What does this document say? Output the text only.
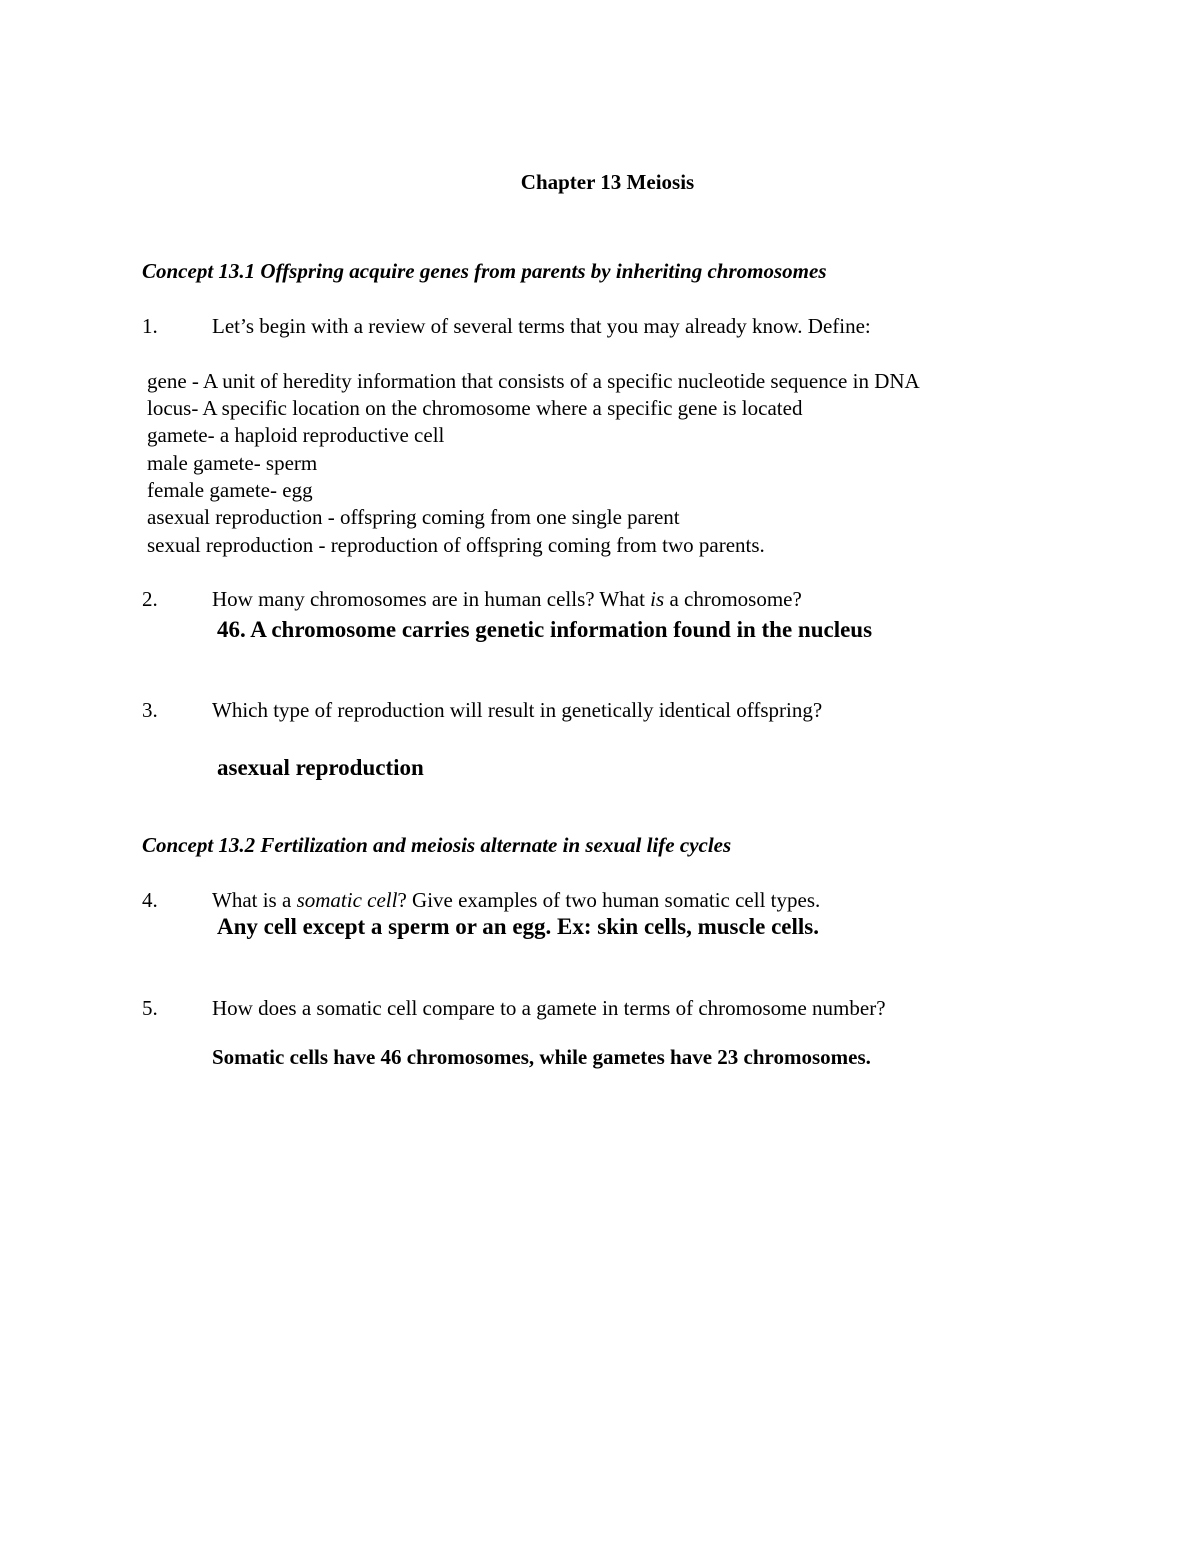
Chapter 13 Meiosis
Concept 13.1 Offspring acquire genes from parents by inheriting chromosomes
1.	Let’s begin with a review of several terms that you may already know. Define:
gene - A unit of heredity information that consists of a specific nucleotide sequence in DNA
locus- A specific location on the chromosome where a specific gene is located
gamete- a haploid reproductive cell
male gamete- sperm
female gamete- egg
asexual reproduction - offspring coming from one single parent
sexual reproduction - reproduction of offspring coming from two parents.
2.	How many chromosomes are in human cells? What is a chromosome?
46. A chromosome carries genetic information found in the nucleus
3.	Which type of reproduction will result in genetically identical offspring?
asexual reproduction
Concept 13.2 Fertilization and meiosis alternate in sexual life cycles
4.	What is a somatic cell? Give examples of two human somatic cell types.
Any cell except a sperm or an egg. Ex: skin cells, muscle cells.
5.	How does a somatic cell compare to a gamete in terms of chromosome number?
Somatic cells have 46 chromosomes, while gametes have 23 chromosomes.
